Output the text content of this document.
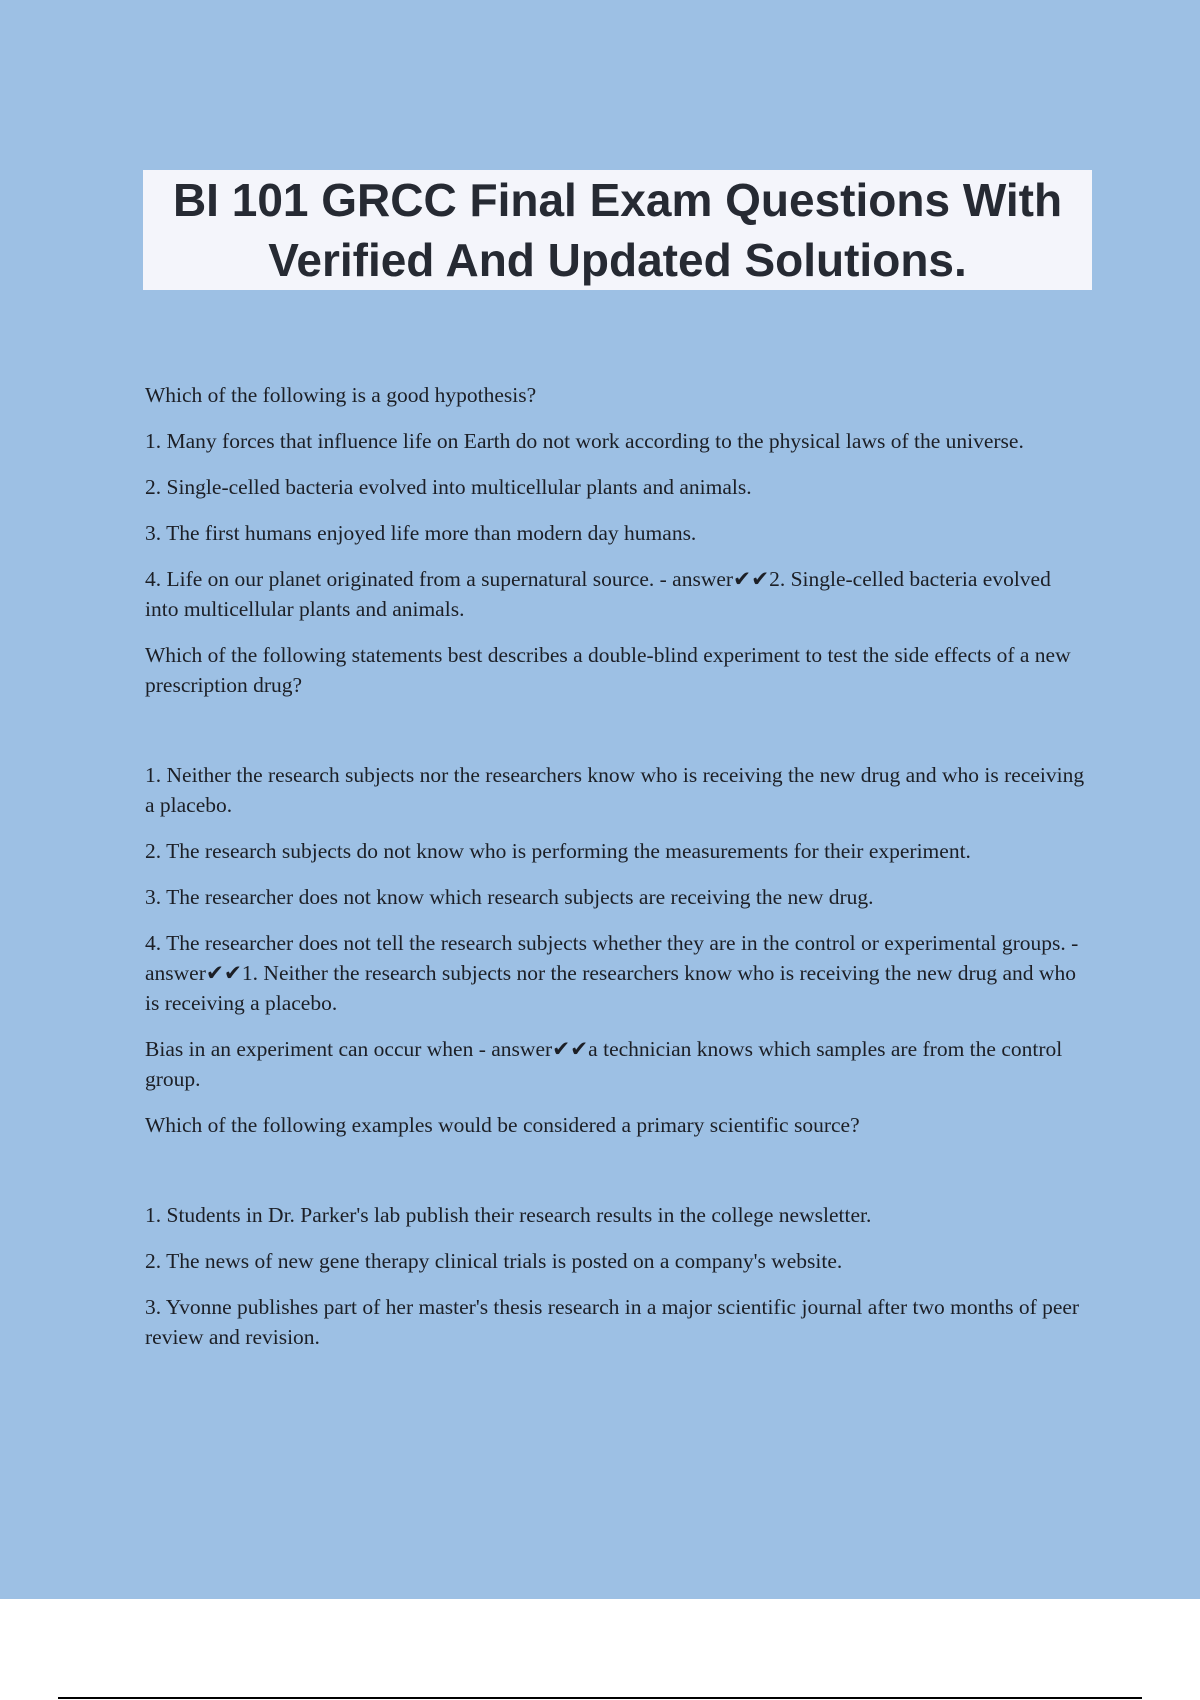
BI 101 GRCC Final Exam Questions With

Verified And Updated Solutions.

Which of the following is a good hypothesis?

1. Many forces that influence life on Earth do not work according to the physical laws of the universe.

2. Single-celled bacteria evolved into multicellular plants and animals.

3. The first humans enjoyed life more than modern day humans.

4. Life on our planet originated from a supernatural source. - answer✔✔2. Single-celled bacteria evolved into multicellular plants and animals.

Which of the following statements best describes a double-blind experiment to test the side effects of a new prescription drug?

1. Neither the research subjects nor the researchers know who is receiving the new drug and who is receiving a placebo.

2. The research subjects do not know who is performing the measurements for their experiment.

3. The researcher does not know which research subjects are receiving the new drug.

4. The researcher does not tell the research subjects whether they are in the control or experimental groups. - answer✔✔1. Neither the research subjects nor the researchers know who is receiving the new drug and who is receiving a placebo.

Bias in an experiment can occur when - answer✔✔a technician knows which samples are from the control group.

Which of the following examples would be considered a primary scientific source?

1. Students in Dr. Parker's lab publish their research results in the college newsletter.

2. The news of new gene therapy clinical trials is posted on a company's website.

3. Yvonne publishes part of her master's thesis research in a major scientific journal after two months of peer review and revision.
